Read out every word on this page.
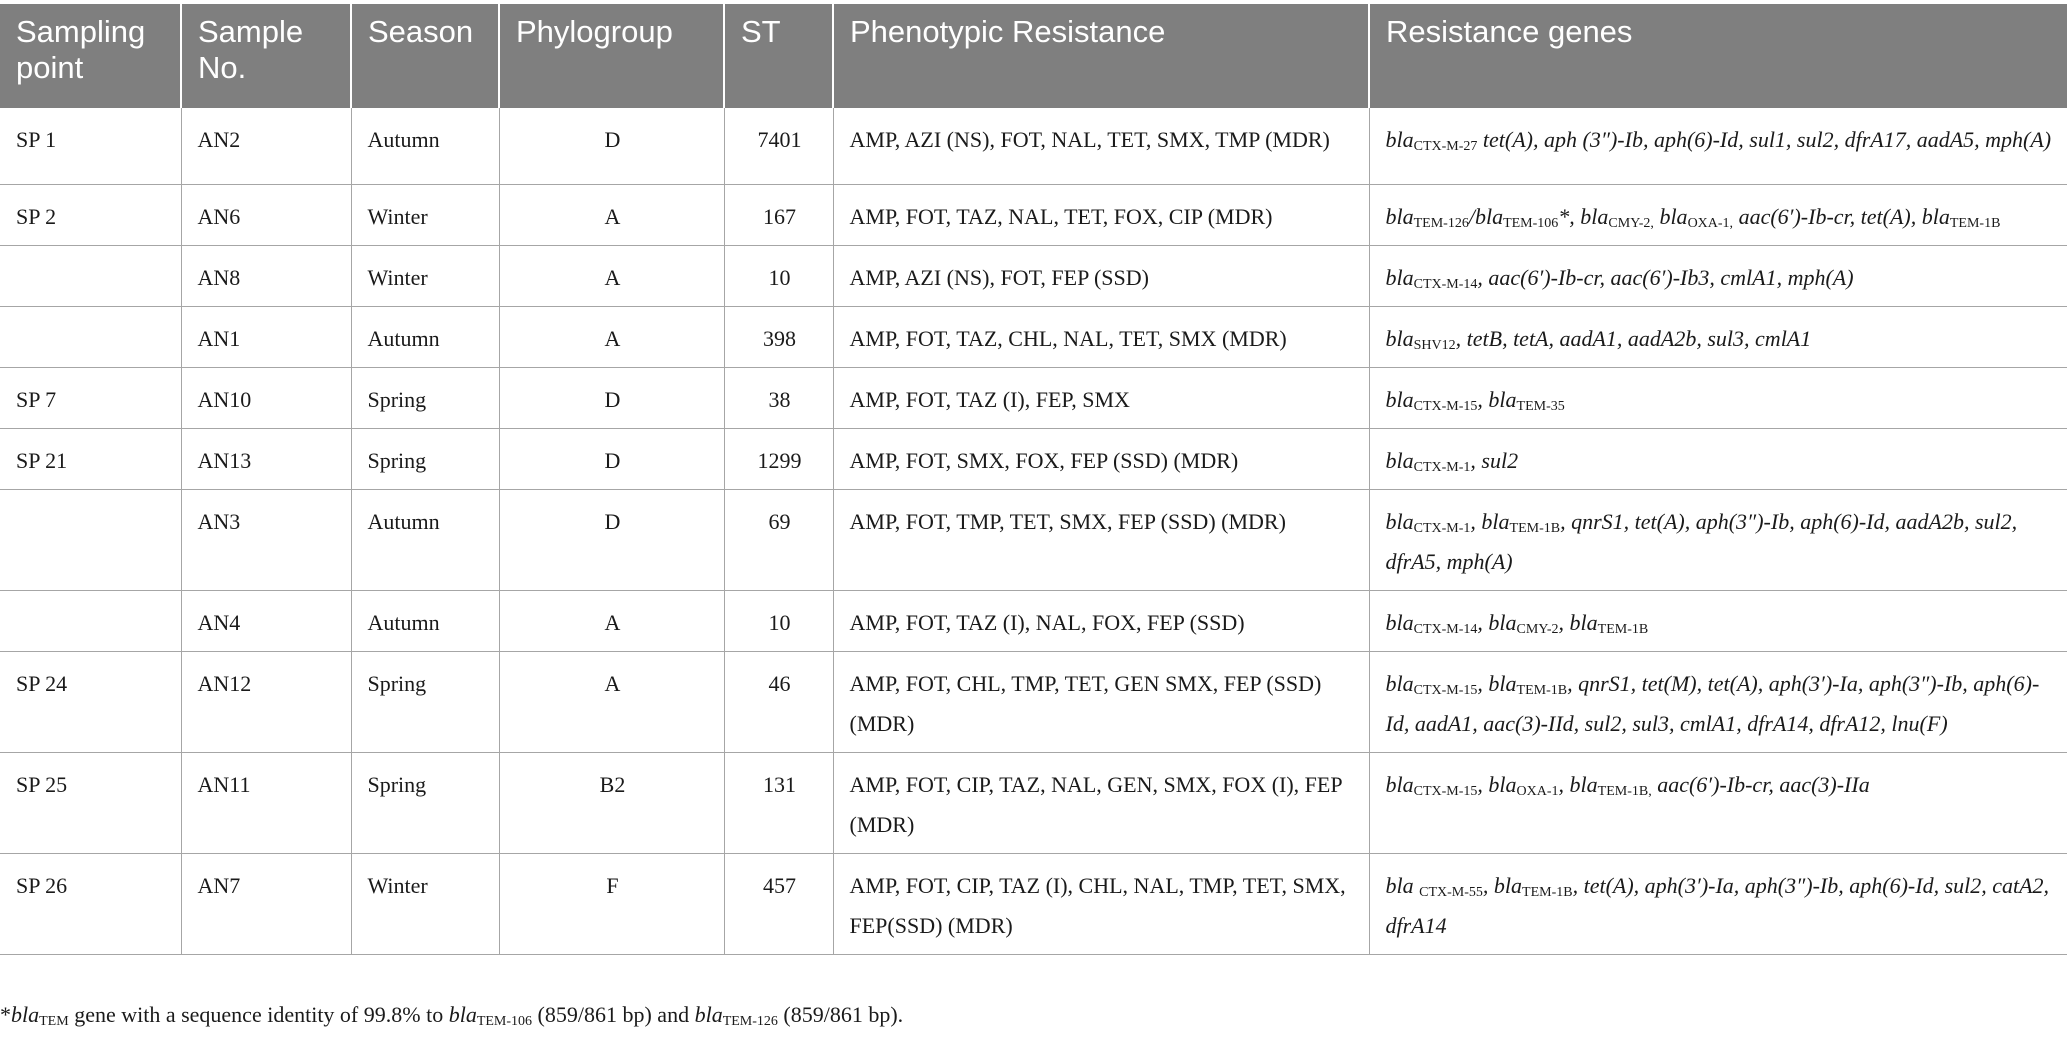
Sampling point	Sample No.	Season	Phylogroup	ST	Phenotypic Resistance	Resistance genes
SP 1	AN2	Autumn	D	7401	AMP, AZI (NS), FOT, NAL, TET, SMX, TMP (MDR)	bla$_{CTX-M-27}$ tet(A), aph (3″)-Ib, aph(6)-Id, sul1, sul2, dfrA17, aadA5, mph(A)
SP 2	AN6	Winter	A	167	AMP, FOT, TAZ, NAL, TET, FOX, CIP (MDR)	bla$_{TEM-126}$/bla$_{TEM-106}$*, bla$_{CMY-2,}$ bla$_{OXA-1,}$ aac(6′)-Ib-cr, tet(A), bla$_{TEM-1B}$
	AN8	Winter	A	10	AMP, AZI (NS), FOT, FEP (SSD)	bla$_{CTX-M-14}$, aac(6′)-Ib-cr, aac(6′)-Ib3, cmlA1, mph(A)
	AN1	Autumn	A	398	AMP, FOT, TAZ, CHL, NAL, TET, SMX (MDR)	bla$_{SHV12}$, tetB, tetA, aadA1, aadA2b, sul3, cmlA1
SP 7	AN10	Spring	D	38	AMP, FOT, TAZ (I), FEP, SMX	bla$_{CTX-M-15}$, bla$_{TEM-35}$
SP 21	AN13	Spring	D	1299	AMP, FOT, SMX, FOX, FEP (SSD) (MDR)	bla$_{CTX-M-1}$, sul2
	AN3	Autumn	D	69	AMP, FOT, TMP, TET, SMX, FEP (SSD) (MDR)	bla$_{CTX-M-1}$, bla$_{TEM-1B}$, qnrS1, tet(A), aph(3″)-Ib, aph(6)-Id, aadA2b, sul2, dfrA5, mph(A)
	AN4	Autumn	A	10	AMP, FOT, TAZ (I), NAL, FOX, FEP (SSD)	bla$_{CTX-M-14}$, bla$_{CMY-2}$, bla$_{TEM-1B}$
SP 24	AN12	Spring	A	46	AMP, FOT, CHL, TMP, TET, GEN SMX, FEP (SSD) (MDR)	bla$_{CTX-M-15}$, bla$_{TEM-1B}$, qnrS1, tet(M), tet(A), aph(3′)-Ia, aph(3″)-Ib, aph(6)-Id, aadA1, aac(3)-IId, sul2, sul3, cmlA1, dfrA14, dfrA12, lnu(F)
SP 25	AN11	Spring	B2	131	AMP, FOT, CIP, TAZ, NAL, GEN, SMX, FOX (I), FEP (MDR)	bla$_{CTX-M-15}$, bla$_{OXA-1}$, bla$_{TEM-1B,}$ aac(6′)-Ib-cr, aac(3)-IIa
SP 26	AN7	Winter	F	457	AMP, FOT, CIP, TAZ (I), CHL, NAL, TMP, TET, SMX, FEP(SSD) (MDR)	bla $_{CTX-M-55}$, bla$_{TEM-1B}$, tet(A), aph(3′)-Ia, aph(3″)-Ib, aph(6)-Id, sul2, catA2, dfrA14
*bla$_{TEM}$ gene with a sequence identity of 99.8% to bla$_{TEM-106}$ (859/861 bp) and bla$_{TEM-126}$ (859/861 bp).
